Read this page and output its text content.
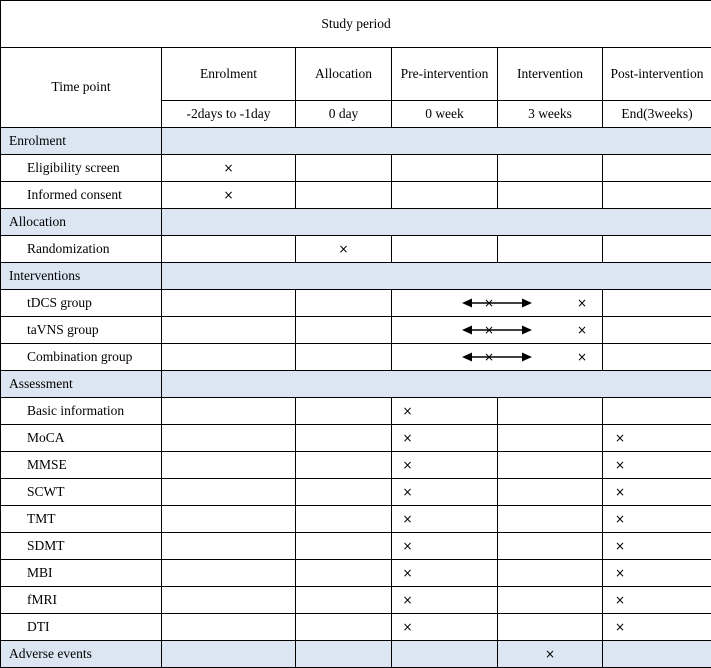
Study period					
Time point	Enrolment	Allocation	Pre-intervention	Intervention	Post-intervention
	-2days to -1day	0 day	0 week	3 weeks	End(3weeks)
Enrolment					
Eligibility screen	×				
Informed consent	×				
Allocation					
Randomization		×			
Interventions					
tDCS group			× ×		

taVNS group			× ×		

Combination group			× ×		

Assessment					
Basic information			×		
MoCA			×		×
MMSE			×		×
SCWT			×		×
TMT			×		×
SDMT			×		×
MBI			×		×
fMRI			×		×
DTI			×		×
Adverse events				×	
